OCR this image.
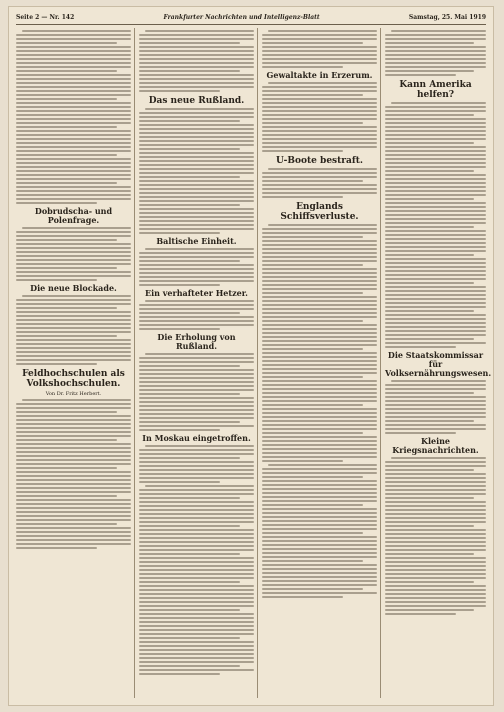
Seite 2 — Nr. 142	Frankfurter Nachrichten und Intelligenz-Blatt	Samstag, 25. Mai 1919
Dobrudscha- und Polenfrage.
Die neue Blockade.
Feldhochschulen als Volkshochschulen.
Von Dr. Fritz Herbert.
Das neue Rußland.
Baltische Einheit.
Ein verhafteter Hetzer.
Die Erholung von Rußland.
In Moskau eingetroffen.
Gewaltakte in Erzerum.
U-Boote bestraft.
Englands Schiffsverluste.
Kann Amerika helfen?
Die Staatskommissar für Volksernährungswesen.
Kleine Kriegsnachrichten.
